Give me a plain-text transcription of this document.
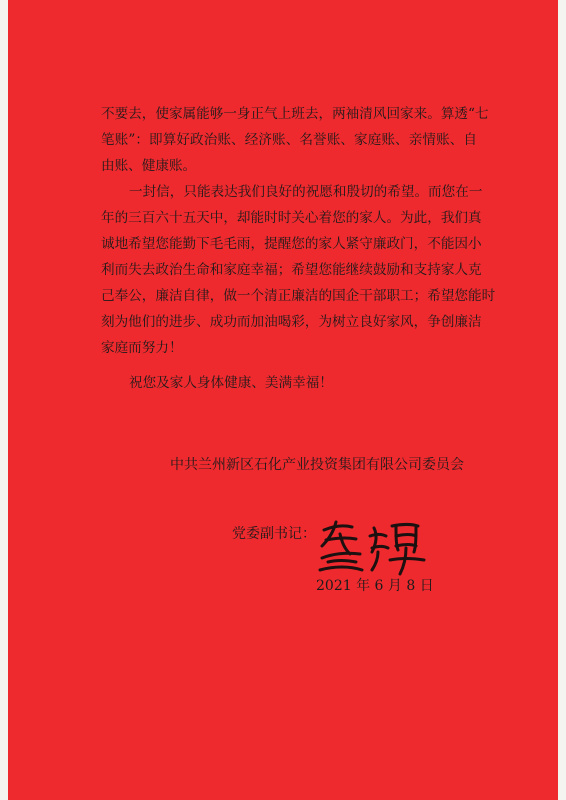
不要去，使家属能够一身正气上班去，两袖清风回家来。算透“七
笔账”：即算好政治账、经济账、名誉账、家庭账、亲情账、自
由账、健康账。
一封信，只能表达我们良好的祝愿和殷切的希望。而您在一
年的三百六十五天中，却能时时关心着您的家人。为此，我们真
诚地希望您能勤下毛毛雨，提醒您的家人紧守廉政门，不能因小
利而失去政治生命和家庭幸福；希望您能继续鼓励和支持家人克
己奉公，廉洁自律，做一个清正廉洁的国企干部职工；希望您能时
刻为他们的进步、成功而加油喝彩，为树立良好家风，争创廉洁
家庭而努力！
祝您及家人身体健康、美满幸福！
中共兰州新区石化产业投资集团有限公司委员会
党委副书记：
2021 年 6 月 8 日
